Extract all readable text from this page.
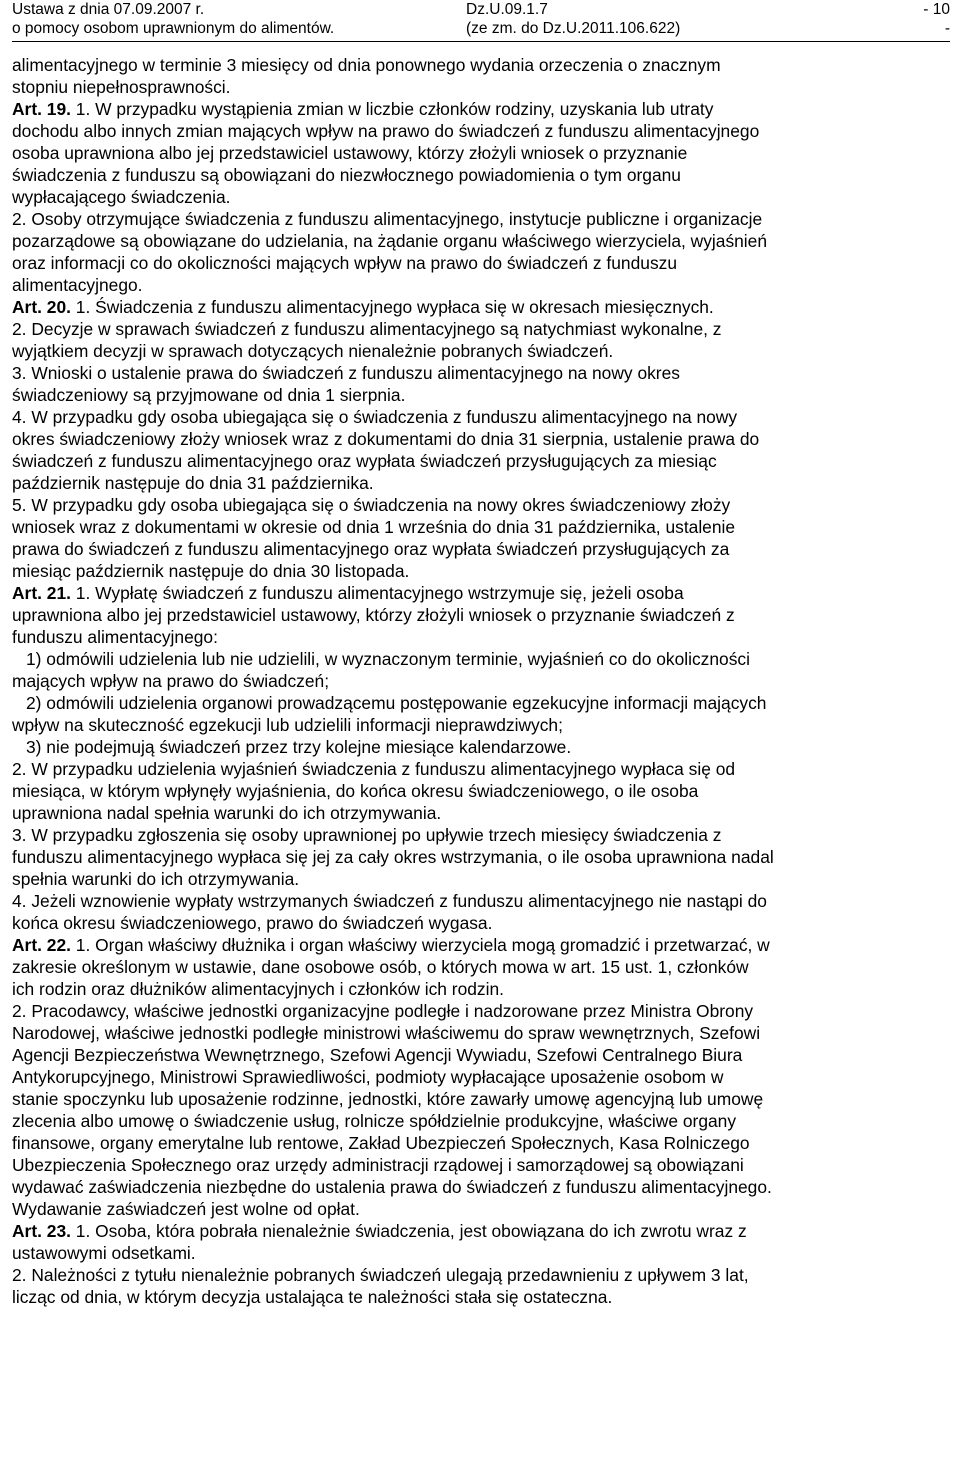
Ustawa z dnia 07.09.2007 r.
o pomocy osobom uprawnionym do alimentów.
Dz.U.09.1.7
(ze zm. do Dz.U.2011.106.622)
- 10
-
alimentacyjnego w terminie 3 miesięcy od dnia ponownego wydania orzeczenia o znacznym
stopniu niepełnosprawności.
Art. 19. 1. W przypadku wystąpienia zmian w liczbie członków rodziny, uzyskania lub utraty
dochodu albo innych zmian mających wpływ na prawo do świadczeń z funduszu alimentacyjnego
osoba uprawniona albo jej przedstawiciel ustawowy, którzy złożyli wniosek o przyznanie
świadczenia z funduszu są obowiązani do niezwłocznego powiadomienia o tym organu
wypłacającego świadczenia.
2. Osoby otrzymujące świadczenia z funduszu alimentacyjnego, instytucje publiczne i organizacje
pozarządowe są obowiązane do udzielania, na żądanie organu właściwego wierzyciela, wyjaśnień
oraz informacji co do okoliczności mających wpływ na prawo do świadczeń z funduszu
alimentacyjnego.
Art. 20. 1. Świadczenia z funduszu alimentacyjnego wypłaca się w okresach miesięcznych.
2. Decyzje w sprawach świadczeń z funduszu alimentacyjnego są natychmiast wykonalne, z
wyjątkiem decyzji w sprawach dotyczących nienależnie pobranych świadczeń.
3. Wnioski o ustalenie prawa do świadczeń z funduszu alimentacyjnego na nowy okres
świadczeniowy są przyjmowane od dnia 1 sierpnia.
4. W przypadku gdy osoba ubiegająca się o świadczenia z funduszu alimentacyjnego na nowy
okres świadczeniowy złoży wniosek wraz z dokumentami do dnia 31 sierpnia, ustalenie prawa do
świadczeń z funduszu alimentacyjnego oraz wypłata świadczeń przysługujących za miesiąc
październik następuje do dnia 31 października.
5. W przypadku gdy osoba ubiegająca się o świadczenia na nowy okres świadczeniowy złoży
wniosek wraz z dokumentami w okresie od dnia 1 września do dnia 31 października, ustalenie
prawa do świadczeń z funduszu alimentacyjnego oraz wypłata świadczeń przysługujących za
miesiąc październik następuje do dnia 30 listopada.
Art. 21. 1. Wypłatę świadczeń z funduszu alimentacyjnego wstrzymuje się, jeżeli osoba
uprawniona albo jej przedstawiciel ustawowy, którzy złożyli wniosek o przyznanie świadczeń z
funduszu alimentacyjnego:
1) odmówili udzielenia lub nie udzielili, w wyznaczonym terminie, wyjaśnień co do okoliczności
mających wpływ na prawo do świadczeń;
2) odmówili udzielenia organowi prowadzącemu postępowanie egzekucyjne informacji mających
wpływ na skuteczność egzekucji lub udzielili informacji nieprawdziwych;
3) nie podejmują świadczeń przez trzy kolejne miesiące kalendarzowe.
2. W przypadku udzielenia wyjaśnień świadczenia z funduszu alimentacyjnego wypłaca się od
miesiąca, w którym wpłynęły wyjaśnienia, do końca okresu świadczeniowego, o ile osoba
uprawniona nadal spełnia warunki do ich otrzymywania.
3. W przypadku zgłoszenia się osoby uprawnionej po upływie trzech miesięcy świadczenia z
funduszu alimentacyjnego wypłaca się jej za cały okres wstrzymania, o ile osoba uprawniona nadal
spełnia warunki do ich otrzymywania.
4. Jeżeli wznowienie wypłaty wstrzymanych świadczeń z funduszu alimentacyjnego nie nastąpi do
końca okresu świadczeniowego, prawo do świadczeń wygasa.
Art. 22. 1. Organ właściwy dłużnika i organ właściwy wierzyciela mogą gromadzić i przetwarzać, w
zakresie określonym w ustawie, dane osobowe osób, o których mowa w art. 15 ust. 1, członków
ich rodzin oraz dłużników alimentacyjnych i członków ich rodzin.
2. Pracodawcy, właściwe jednostki organizacyjne podległe i nadzorowane przez Ministra Obrony
Narodowej, właściwe jednostki podległe ministrowi właściwemu do spraw wewnętrznych, Szefowi
Agencji Bezpieczeństwa Wewnętrznego, Szefowi Agencji Wywiadu, Szefowi Centralnego Biura
Antykorupcyjnego, Ministrowi Sprawiedliwości, podmioty wypłacające uposażenie osobom w
stanie spoczynku lub uposażenie rodzinne, jednostki, które zawarły umowę agencyjną lub umowę
zlecenia albo umowę o świadczenie usług, rolnicze spółdzielnie produkcyjne, właściwe organy
finansowe, organy emerytalne lub rentowe, Zakład Ubezpieczeń Społecznych, Kasa Rolniczego
Ubezpieczenia Społecznego oraz urzędy administracji rządowej i samorządowej są obowiązani
wydawać zaświadczenia niezbędne do ustalenia prawa do świadczeń z funduszu alimentacyjnego.
Wydawanie zaświadczeń jest wolne od opłat.
Art. 23. 1. Osoba, która pobrała nienależnie świadczenia, jest obowiązana do ich zwrotu wraz z
ustawowymi odsetkami.
2. Należności z tytułu nienależnie pobranych świadczeń ulegają przedawnieniu z upływem 3 lat,
licząc od dnia, w którym decyzja ustalająca te należności stała się ostateczna.
